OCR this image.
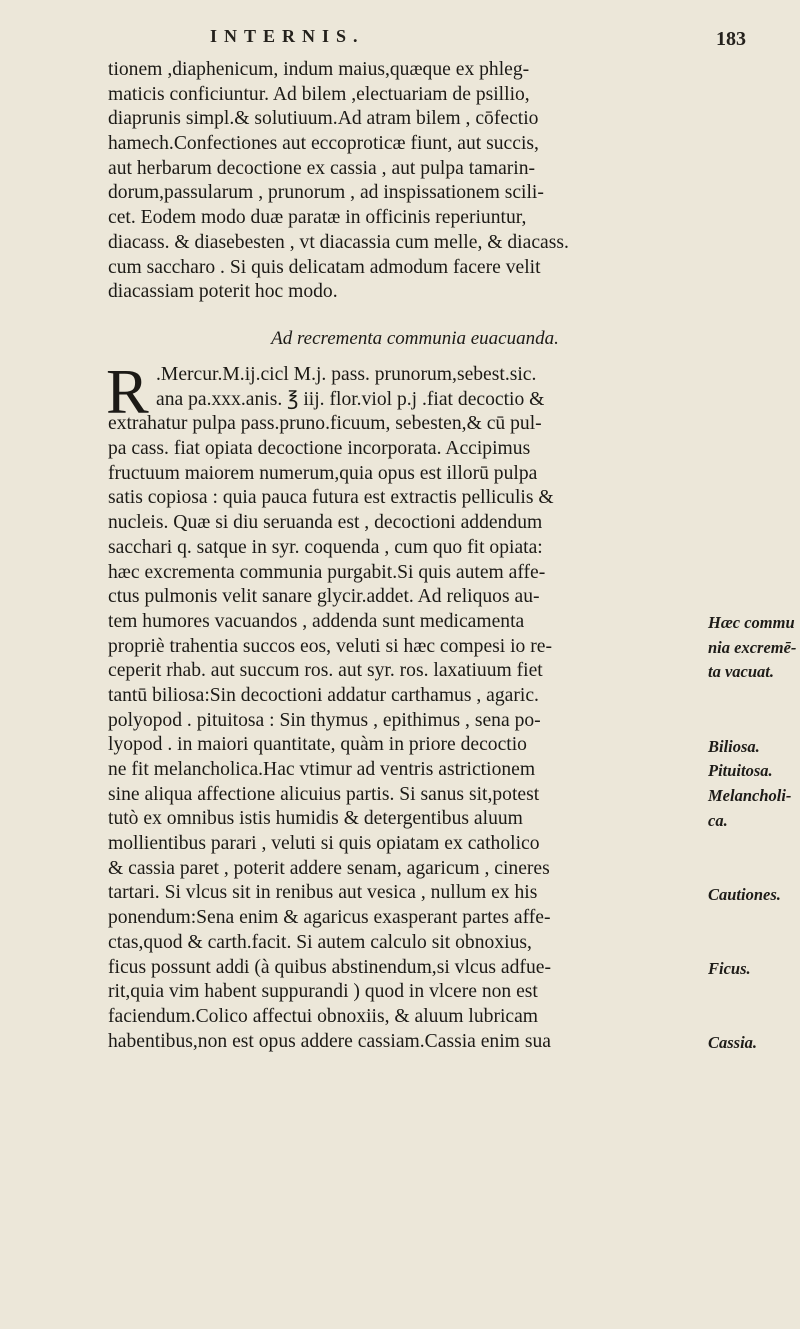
INTERNIS.	183
tionem ,diaphenicum, indum maius,quæque ex phleg-
maticis conficiuntur. Ad bilem ,electuariam de psillio,
diaprunis simpl.& solutiuum.Ad atram bilem , cōfectio
hamech.Confectiones aut eccoproticæ fiunt, aut succis,
aut herbarum decoctione ex cassia , aut pulpa tamarin-
dorum,passularum , prunorum , ad inspissationem scili-
cet. Eodem modo duæ paratæ in officinis reperiuntur,
diacass. & diasebesten , vt diacassia cum melle, & diacass.
cum saccharo . Si quis delicatam admodum facere velit
diacassiam poterit hoc modo.
Ad recrementa communia euacuanda.
R .Mercur.M.ij.cicl M.j. pass. prunorum,sebest.sic.
ana pa.xxx.anis. ℥ iij. flor.viol p.j .fiat decoctio &
extrahatur pulpa pass.pruno.ficuum, sebesten,& cū pul-
pa cass. fiat opiata decoctione incorporata. Accipimus
fructuum maiorem numerum,quia opus est illorū pulpa
satis copiosa : quia pauca futura est extractis pelliculis &
nucleis. Quæ si diu seruanda est , decoctioni addendum
sacchari q. satque in syr. coquenda , cum quo fit opiata:
hæc excrementa communia purgabit.Si quis autem affe-
ctus pulmonis velit sanare glycir.addet. Ad reliquos au-
tem humores vacuandos , addenda sunt medicamenta
propriè trahentia succos eos, veluti si hæc compesi io re-
ceperit rhab. aut succum ros. aut syr. ros. laxatiuum fiet
tantū biliosa:Sin decoctioni addatur carthamus , agaric.
polyopod . pituitosa : Sin thymus , epithimus , sena po-
lyopod . in maiori quantitate, quàm in priore decoctio
ne fit melancholica.Hac vtimur ad ventris astrictionem
sine aliqua affectione alicuius partis. Si sanus sit,potest
tutò ex omnibus istis humidis & detergentibus aluum
mollientibus parari , veluti si quis opiatam ex catholico
& cassia paret , poterit addere senam, agaricum , cineres
tartari. Si vlcus sit in renibus aut vesica , nullum ex his
ponendum:Sena enim & agaricus exasperant partes affe-
ctas,quod & carth.facit. Si autem calculo sit obnoxius,
ficus possunt addi (à quibus abstinendum,si vlcus adfue-
rit,quia vim habent suppurandi ) quod in vlcere non est
faciendum.Colico affectui obnoxiis, & aluum lubricam
habentibus,non est opus addere cassiam.Cassia enim sua
Hæc commu
nia excremē-
ta vacuat.
Biliosa.
Pituitosa.
Melancholi-
ca.
Cautiones.
Ficus.
Cassia.
